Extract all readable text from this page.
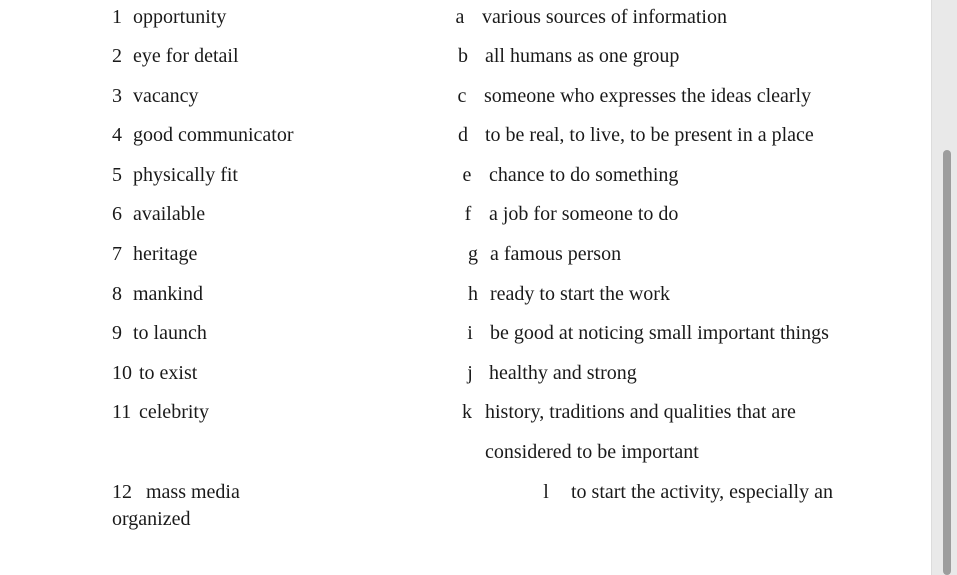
1 opportunity
2 eye for detail
3 vacancy
4 good communicator
5 physically fit
6 available
7 heritage
8 mankind
9 to launch
10 to exist
11 celebrity
12 mass media
organized
a various sources of information
b all humans as one group
c someone who expresses the ideas clearly
d to be real, to live, to be present in a place
e chance to do something
f a job for someone to do
g a famous person
h ready to start the work
i be good at noticing small important things
j healthy and strong
k history, traditions and qualities that are
considered to be important
l	to start the activity, especially an
